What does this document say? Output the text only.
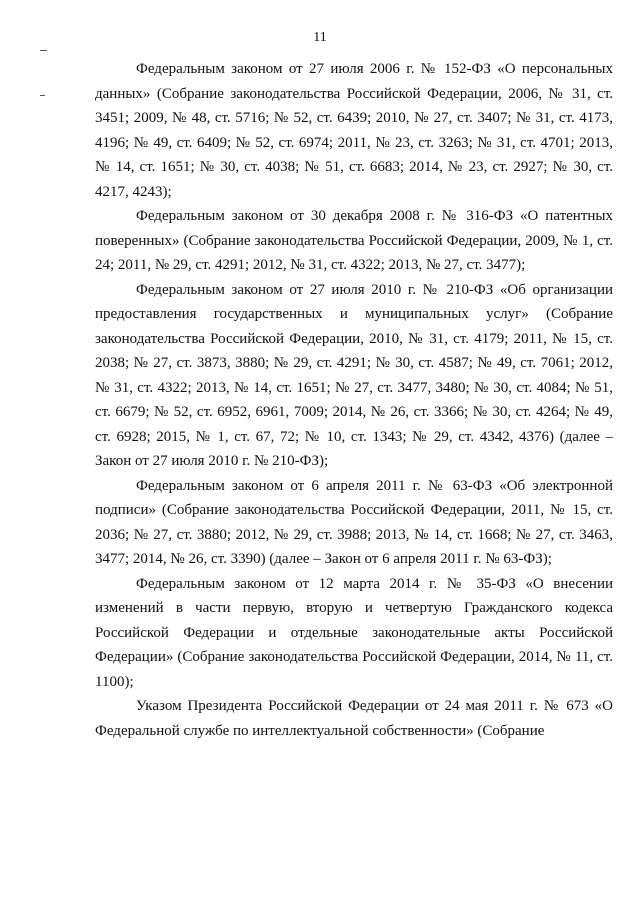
11

Федеральным законом от 27 июля 2006 г. № 152-ФЗ «О персональных данных» (Собрание законодательства Российской Федерации, 2006, № 31, ст. 3451; 2009, № 48, ст. 5716; № 52, ст. 6439; 2010, № 27, ст. 3407; № 31, ст. 4173, 4196; № 49, ст. 6409; № 52, ст. 6974; 2011, № 23, ст. 3263; № 31, ст. 4701; 2013, № 14, ст. 1651; № 30, ст. 4038; № 51, ст. 6683; 2014, № 23, ст. 2927; № 30, ст. 4217, 4243);

Федеральным законом от 30 декабря 2008 г. № 316-ФЗ «О патентных поверенных» (Собрание законодательства Российской Федерации, 2009, № 1, ст. 24; 2011, № 29, ст. 4291; 2012, № 31, ст. 4322; 2013, № 27, ст. 3477);

Федеральным законом от 27 июля 2010 г. № 210-ФЗ «Об организации предоставления государственных и муниципальных услуг» (Собрание законодательства Российской Федерации, 2010, № 31, ст. 4179; 2011, № 15, ст. 2038; № 27, ст. 3873, 3880; № 29, ст. 4291; № 30, ст. 4587; № 49, ст. 7061; 2012, № 31, ст. 4322; 2013, № 14, ст. 1651; № 27, ст. 3477, 3480; № 30, ст. 4084; № 51, ст. 6679; № 52, ст. 6952, 6961, 7009; 2014, № 26, ст. 3366; № 30, ст. 4264; № 49, ст. 6928; 2015, № 1, ст. 67, 72; № 10, ст. 1343; № 29, ст. 4342, 4376) (далее – Закон от 27 июля 2010 г. № 210-ФЗ);

Федеральным законом от 6 апреля 2011 г. № 63-ФЗ «Об электронной подписи» (Собрание законодательства Российской Федерации, 2011, № 15, ст. 2036; № 27, ст. 3880; 2012, № 29, ст. 3988; 2013, № 14, ст. 1668; № 27, ст. 3463, 3477; 2014, № 26, ст. 3390) (далее – Закон от 6 апреля 2011 г. № 63-ФЗ);

Федеральным законом от 12 марта 2014 г. № 35-ФЗ «О внесении изменений в части первую, вторую и четвертую Гражданского кодекса Российской Федерации и отдельные законодательные акты Российской Федерации» (Собрание законодательства Российской Федерации, 2014, № 11, ст. 1100);

Указом Президента Российской Федерации от 24 мая 2011 г. № 673 «О Федеральной службе по интеллектуальной собственности» (Собрание
